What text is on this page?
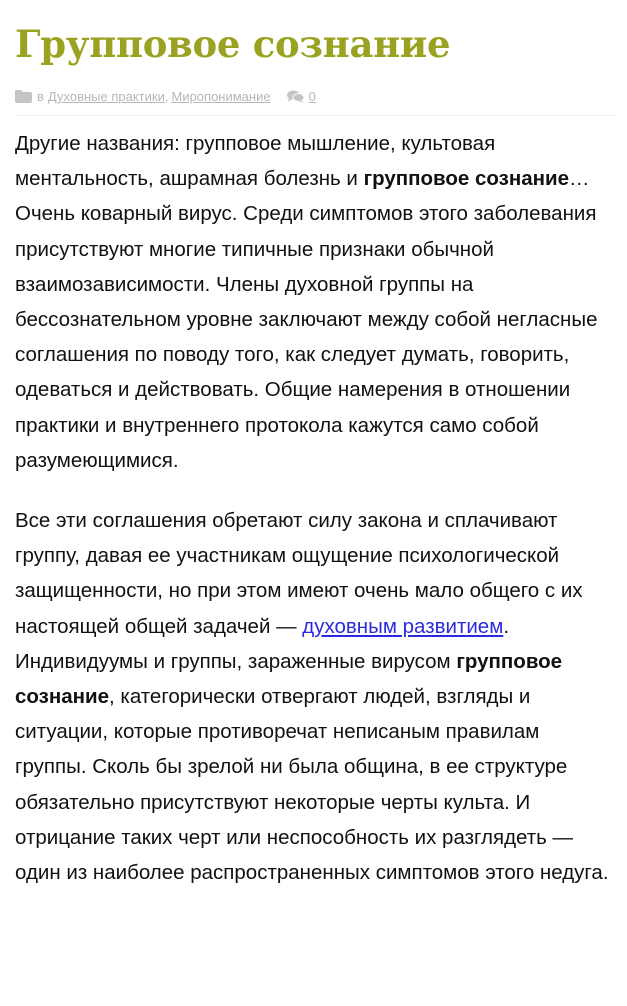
Групповое сознание
в Духовные практики , Миропонимание	0

Другие названия: групповое мышление, культовая ментальность, ашрамная болезнь и групповое сознание… Очень коварный вирус. Среди симптомов этого заболевания присутствуют многие типичные признаки обычной взаимозависимости. Члены духовной группы на бессознательном уровне заключают между собой негласные соглашения по поводу того, как следует думать, говорить, одеваться и действовать. Общие намерения в отношении практики и внутреннего протокола кажутся само собой разумеющимися.

Все эти соглашения обретают силу закона и сплачивают группу, давая ее участникам ощущение психологической защищенности, но при этом имеют очень мало общего с их настоящей общей задачей — духовным развитием. Индивидуумы и группы, зараженные вирусом групповое сознание, категорически отвергают людей, взгляды и ситуации, которые противоречат неписаным правилам группы. Сколь бы зрелой ни была община, в ее структуре обязательно присутствуют некоторые черты культа. И отрицание таких черт или неспособность их разглядеть — один из наиболее распространенных симптомов этого недуга.
